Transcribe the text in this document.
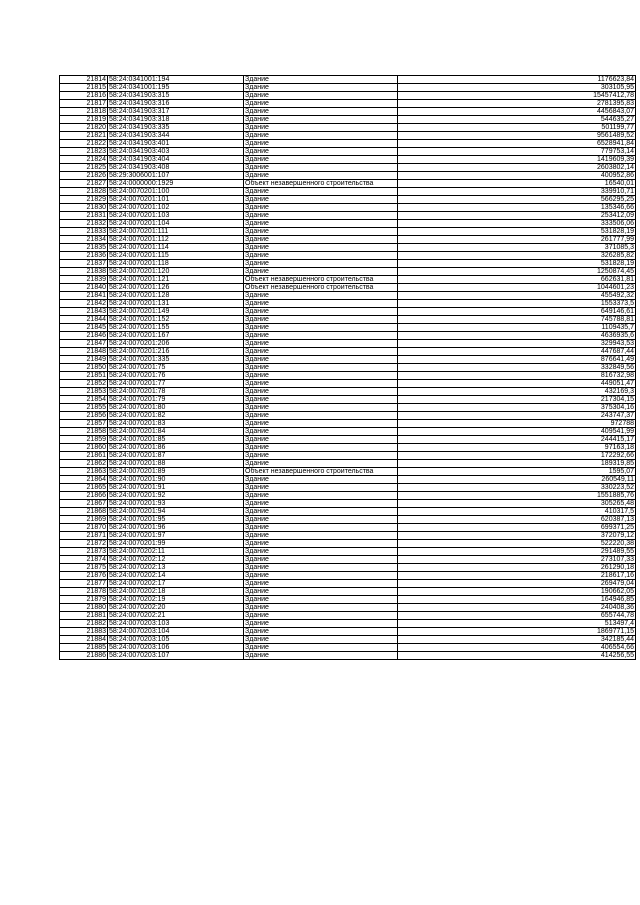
21814	58:24:0341001:194	Здание	1176623,84
21815	58:24:0341001:195	Здание	303105,95
21816	58:24:0341903:315	Здание	15457412,78
21817	58:24:0341903:316	Здание	2781395,83
21818	58:24:0341903:317	Здание	4456843,07
21819	58:24:0341903:318	Здание	544635,27
21820	58:24:0341903:335	Здание	501199,77
21821	58:24:0341903:344	Здание	9561489,52
21822	58:24:0341903:401	Здание	6528941,84
21823	58:24:0341903:403	Здание	779753,14
21824	58:24:0341903:404	Здание	1419609,39
21825	58:24:0341903:408	Здание	2603802,14
21826	58:29:3006001:107	Здание	400952,86
21827	58:24:0000000:1929	Объект незавершенного строительства	16540,01
21828	58:24:0070201:100	Здание	339910,71
21829	58:24:0070201:101	Здание	566295,25
21830	58:24:0070201:102	Здание	135346,66
21831	58:24:0070201:103	Здание	253412,09
21832	58:24:0070201:104	Здание	333506,06
21833	58:24:0070201:111	Здание	531828,19
21834	58:24:0070201:112	Здание	261777,99
21835	58:24:0070201:114	Здание	371085,3
21836	58:24:0070201:115	Здание	326285,82
21837	58:24:0070201:118	Здание	531828,19
21838	58:24:0070201:120	Здание	1250874,45
21839	58:24:0070201:121	Объект незавершенного строительства	662631,81
21840	58:24:0070201:126	Объект незавершенного строительства	1044601,23
21841	58:24:0070201:128	Здание	455492,32
21842	58:24:0070201:131	Здание	1553373,5
21843	58:24:0070201:149	Здание	649146,61
21844	58:24:0070201:152	Здание	745788,81
21845	58:24:0070201:155	Здание	1109435,7
21846	58:24:0070201:167	Здание	4636935,6
21847	58:24:0070201:206	Здание	329943,53
21848	58:24:0070201:216	Здание	447687,44
21849	58:24:0070201:335	Здание	876641,49
21850	58:24:0070201:75	Здание	332849,56
21851	58:24:0070201:76	Здание	816732,98
21852	58:24:0070201:77	Здание	449051,47
21853	58:24:0070201:78	Здание	432169,3
21854	58:24:0070201:79	Здание	217304,15
21855	58:24:0070201:80	Здание	375304,16
21856	58:24:0070201:82	Здание	243747,37
21857	58:24:0070201:83	Здание	972788
21858	58:24:0070201:84	Здание	409541,99
21859	58:24:0070201:85	Здание	244415,17
21860	58:24:0070201:86	Здание	97163,18
21861	58:24:0070201:87	Здание	172292,66
21862	58:24:0070201:88	Здание	189319,85
21863	58:24:0070201:89	Объект незавершенного строительства	1595,07
21864	58:24:0070201:90	Здание	260549,11
21865	58:24:0070201:91	Здание	330223,52
21866	58:24:0070201:92	Здание	1551885,76
21867	58:24:0070201:93	Здание	305265,48
21868	58:24:0070201:94	Здание	410317,5
21869	58:24:0070201:95	Здание	620387,13
21870	58:24:0070201:96	Здание	699371,25
21871	58:24:0070201:97	Здание	372079,12
21872	58:24:0070201:99	Здание	522220,38
21873	58:24:0070202:11	Здание	291489,55
21874	58:24:0070202:12	Здание	273107,33
21875	58:24:0070202:13	Здание	261290,18
21876	58:24:0070202:14	Здание	218617,16
21877	58:24:0070202:17	Здание	269479,04
21878	58:24:0070202:18	Здание	190662,05
21879	58:24:0070202:19	Здание	164946,85
21880	58:24:0070202:20	Здание	240408,36
21881	58:24:0070202:21	Здание	655744,78
21882	58:24:0070203:103	Здание	513497,4
21883	58:24:0070203:104	Здание	1869771,15
21884	58:24:0070203:105	Здание	342185,44
21885	58:24:0070203:106	Здание	406554,66
21886	58:24:0070203:107	Здание	414256,55
